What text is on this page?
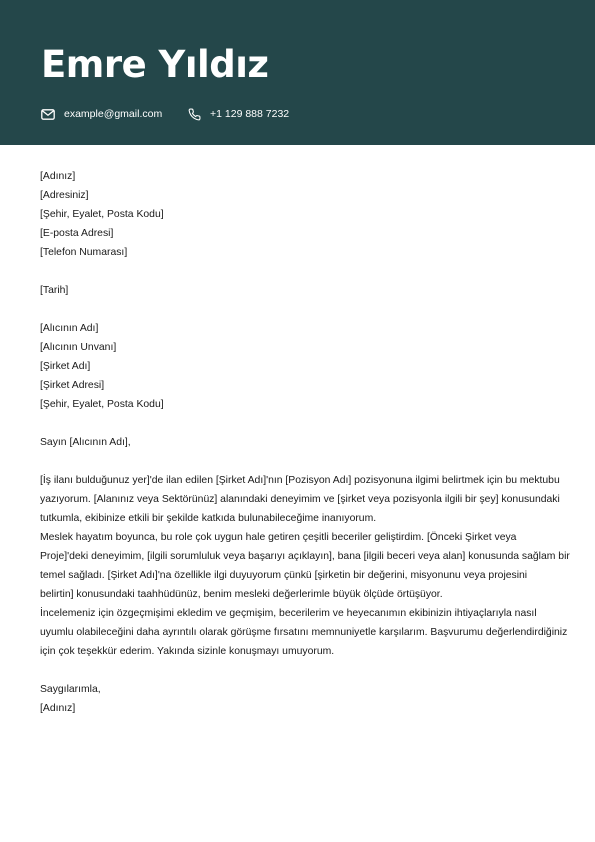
Emre Yıldız
example@gmail.com	+1 129 888 7232
[Adınız]
[Adresiniz]
[Şehir, Eyalet, Posta Kodu]
[E-posta Adresi]
[Telefon Numarası]
[Tarih]
[Alıcının Adı]
[Alıcının Unvanı]
[Şirket Adı]
[Şirket Adresi]
[Şehir, Eyalet, Posta Kodu]
Sayın [Alıcının Adı],
[İş ilanı bulduğunuz yer]'de ilan edilen [Şirket Adı]'nın [Pozisyon Adı] pozisyonuna ilgimi belirtmek için bu mektubu
yazıyorum. [Alanınız veya Sektörünüz] alanındaki deneyimim ve [şirket veya pozisyonla ilgili bir şey] konusundaki
tutkumla, ekibinize etkili bir şekilde katkıda bulunabileceğime inanıyorum.
Meslek hayatım boyunca, bu role çok uygun hale getiren çeşitli beceriler geliştirdim. [Önceki Şirket veya
Proje]'deki deneyimim, [ilgili sorumluluk veya başarıyı açıklayın], bana [ilgili beceri veya alan] konusunda sağlam bir
temel sağladı. [Şirket Adı]'na özellikle ilgi duyuyorum çünkü [şirketin bir değerini, misyonunu veya projesini
belirtin] konusundaki taahhüdünüz, benim mesleki değerlerimle büyük ölçüde örtüşüyor.
İncelemeniz için özgeçmişimi ekledim ve geçmişim, becerilerim ve heyecanımın ekibinizin ihtiyaçlarıyla nasıl
uyumlu olabileceğini daha ayrıntılı olarak görüşme fırsatını memnuniyetle karşılarım. Başvurumu değerlendirdiğiniz
için çok teşekkür ederim. Yakında sizinle konuşmayı umuyorum.
Saygılarımla,
[Adınız]
